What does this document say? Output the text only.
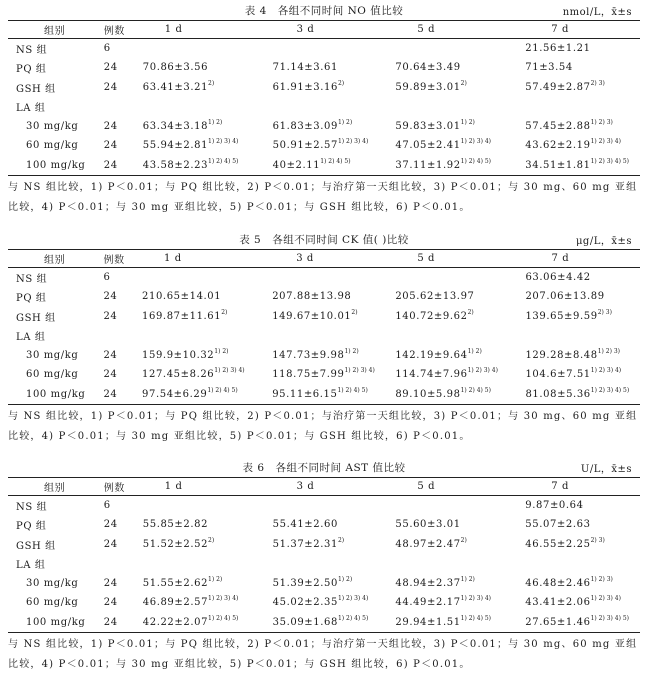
表 4　各组不同时间 NO 值比较	nmol/L，x̄±s
组别	例数	1 d	3 d	5 d	7 d
NS 组	6				21.56±1.21
PQ 组	24	70.86±3.56	71.14±3.61	70.64±3.49	71±3.54
GSH 组	24	$63.41\pm 3.21^{2)}$	$61.91\pm 3.16^{2)}$	$59.89\pm 3.01^{2)}$	$57.49\pm 2.87^{2) 3)}$
LA 组					
30 mg/kg	24	$63.34\pm 3.18^{1) 2)}$	$61.83\pm 3.09^{1) 2)}$	$59.83\pm 3.01^{1) 2)}$	$57.45\pm 2.88^{1) 2) 3)}$
60 mg/kg	24	$55.94\pm 2.81^{1) 2) 3) 4)}$	$50.91\pm 2.57^{1) 2) 3) 4)}$	$47.05\pm 2.41^{1) 2) 3) 4)}$	$43.62\pm 2.19^{1) 2) 3) 4)}$
100 mg/kg	24	$43.58\pm 2.23^{1) 2) 4) 5)}$	$40\pm 2.11^{1) 2) 4) 5)}$	$37.11\pm 1.92^{1) 2) 4) 5)}$	$34.51\pm 1.81^{1) 2) 3) 4) 5)}$
与 NS 组比较，1) P＜0.01；与 PQ 组比较，2) P＜0.01；与治疗第一天组比较，3) P＜0.01；与 30 mg、60 mg 亚组比较，4) P＜0.01；与 30 mg 亚组比较，5) P＜0.01；与 GSH 组比较，6) P＜0.01。
表 5　各组不同时间 CK 值( )比较	μg/L，x̄±s
组别	例数	1 d	3 d	5 d	7 d
NS 组	6				63.06±4.42
PQ 组	24	210.65±14.01	207.88±13.98	205.62±13.97	207.06±13.89
GSH 组	24	$169.87\pm 11.61^{2)}$	$149.67\pm 10.01^{2)}$	$140.72\pm 9.62^{2)}$	$139.65\pm 9.59^{2) 3)}$
LA 组					
30 mg/kg	24	$159.9\pm 10.32^{1) 2)}$	$147.73\pm 9.98^{1) 2)}$	$142.19\pm 9.64^{1) 2)}$	$129.28\pm 8.48^{1) 2) 3)}$
60 mg/kg	24	$127.45\pm 8.26^{1) 2) 3) 4)}$	$118.75\pm 7.99^{1) 2) 3) 4)}$	$114.74\pm 7.96^{1) 2) 3) 4)}$	$104.6\pm 7.51^{1) 2) 3) 4)}$
100 mg/kg	24	$97.54\pm 6.29^{1) 2) 4) 5)}$	$95.11\pm 6.15^{1) 2) 4) 5)}$	$89.10\pm 5.98^{1) 2) 4) 5)}$	$81.08\pm 5.36^{1) 2) 3) 4) 5)}$
与 NS 组比较，1) P＜0.01；与 PQ 组比较，2) P＜0.01；与治疗第一天组比较，3) P＜0.01；与 30 mg、60 mg 亚组比较，4) P＜0.01；与 30 mg 亚组比较，5) P＜0.01；与 GSH 组比较，6) P＜0.01。
表 6　各组不同时间 AST 值比较	U/L，x̄±s
组别	例数	1 d	3 d	5 d	7 d
NS 组	6				9.87±0.64
PQ 组	24	55.85±2.82	55.41±2.60	55.60±3.01	55.07±2.63
GSH 组	24	$51.52\pm 2.52^{2)}$	$51.37\pm 2.31^{2)}$	$48.97\pm 2.47^{2)}$	$46.55\pm 2.25^{2) 3)}$
LA 组					
30 mg/kg	24	$51.55\pm 2.62^{1) 2)}$	$51.39\pm 2.50^{1) 2)}$	$48.94\pm 2.37^{1) 2)}$	$46.48\pm 2.46^{1) 2) 3)}$
60 mg/kg	24	$46.89\pm 2.57^{1) 2) 3) 4)}$	$45.02\pm 2.35^{1) 2) 3) 4)}$	$44.49\pm 2.17^{1) 2) 3) 4)}$	$43.41\pm 2.06^{1) 2) 3) 4)}$
100 mg/kg	24	$42.22\pm 2.07^{1) 2) 4) 5)}$	$35.09\pm 1.68^{1) 2) 4) 5)}$	$29.94\pm 1.51^{1) 2) 4) 5)}$	$27.65\pm 1.46^{1) 2) 3) 4) 5)}$
与 NS 组比较，1) P＜0.01；与 PQ 组比较，2) P＜0.01；与治疗第一天组比较，3) P＜0.01；与 30 mg、60 mg 亚组比较，4) P＜0.01；与 30 mg 亚组比较，5) P＜0.01；与 GSH 组比较，6) P＜0.01。
